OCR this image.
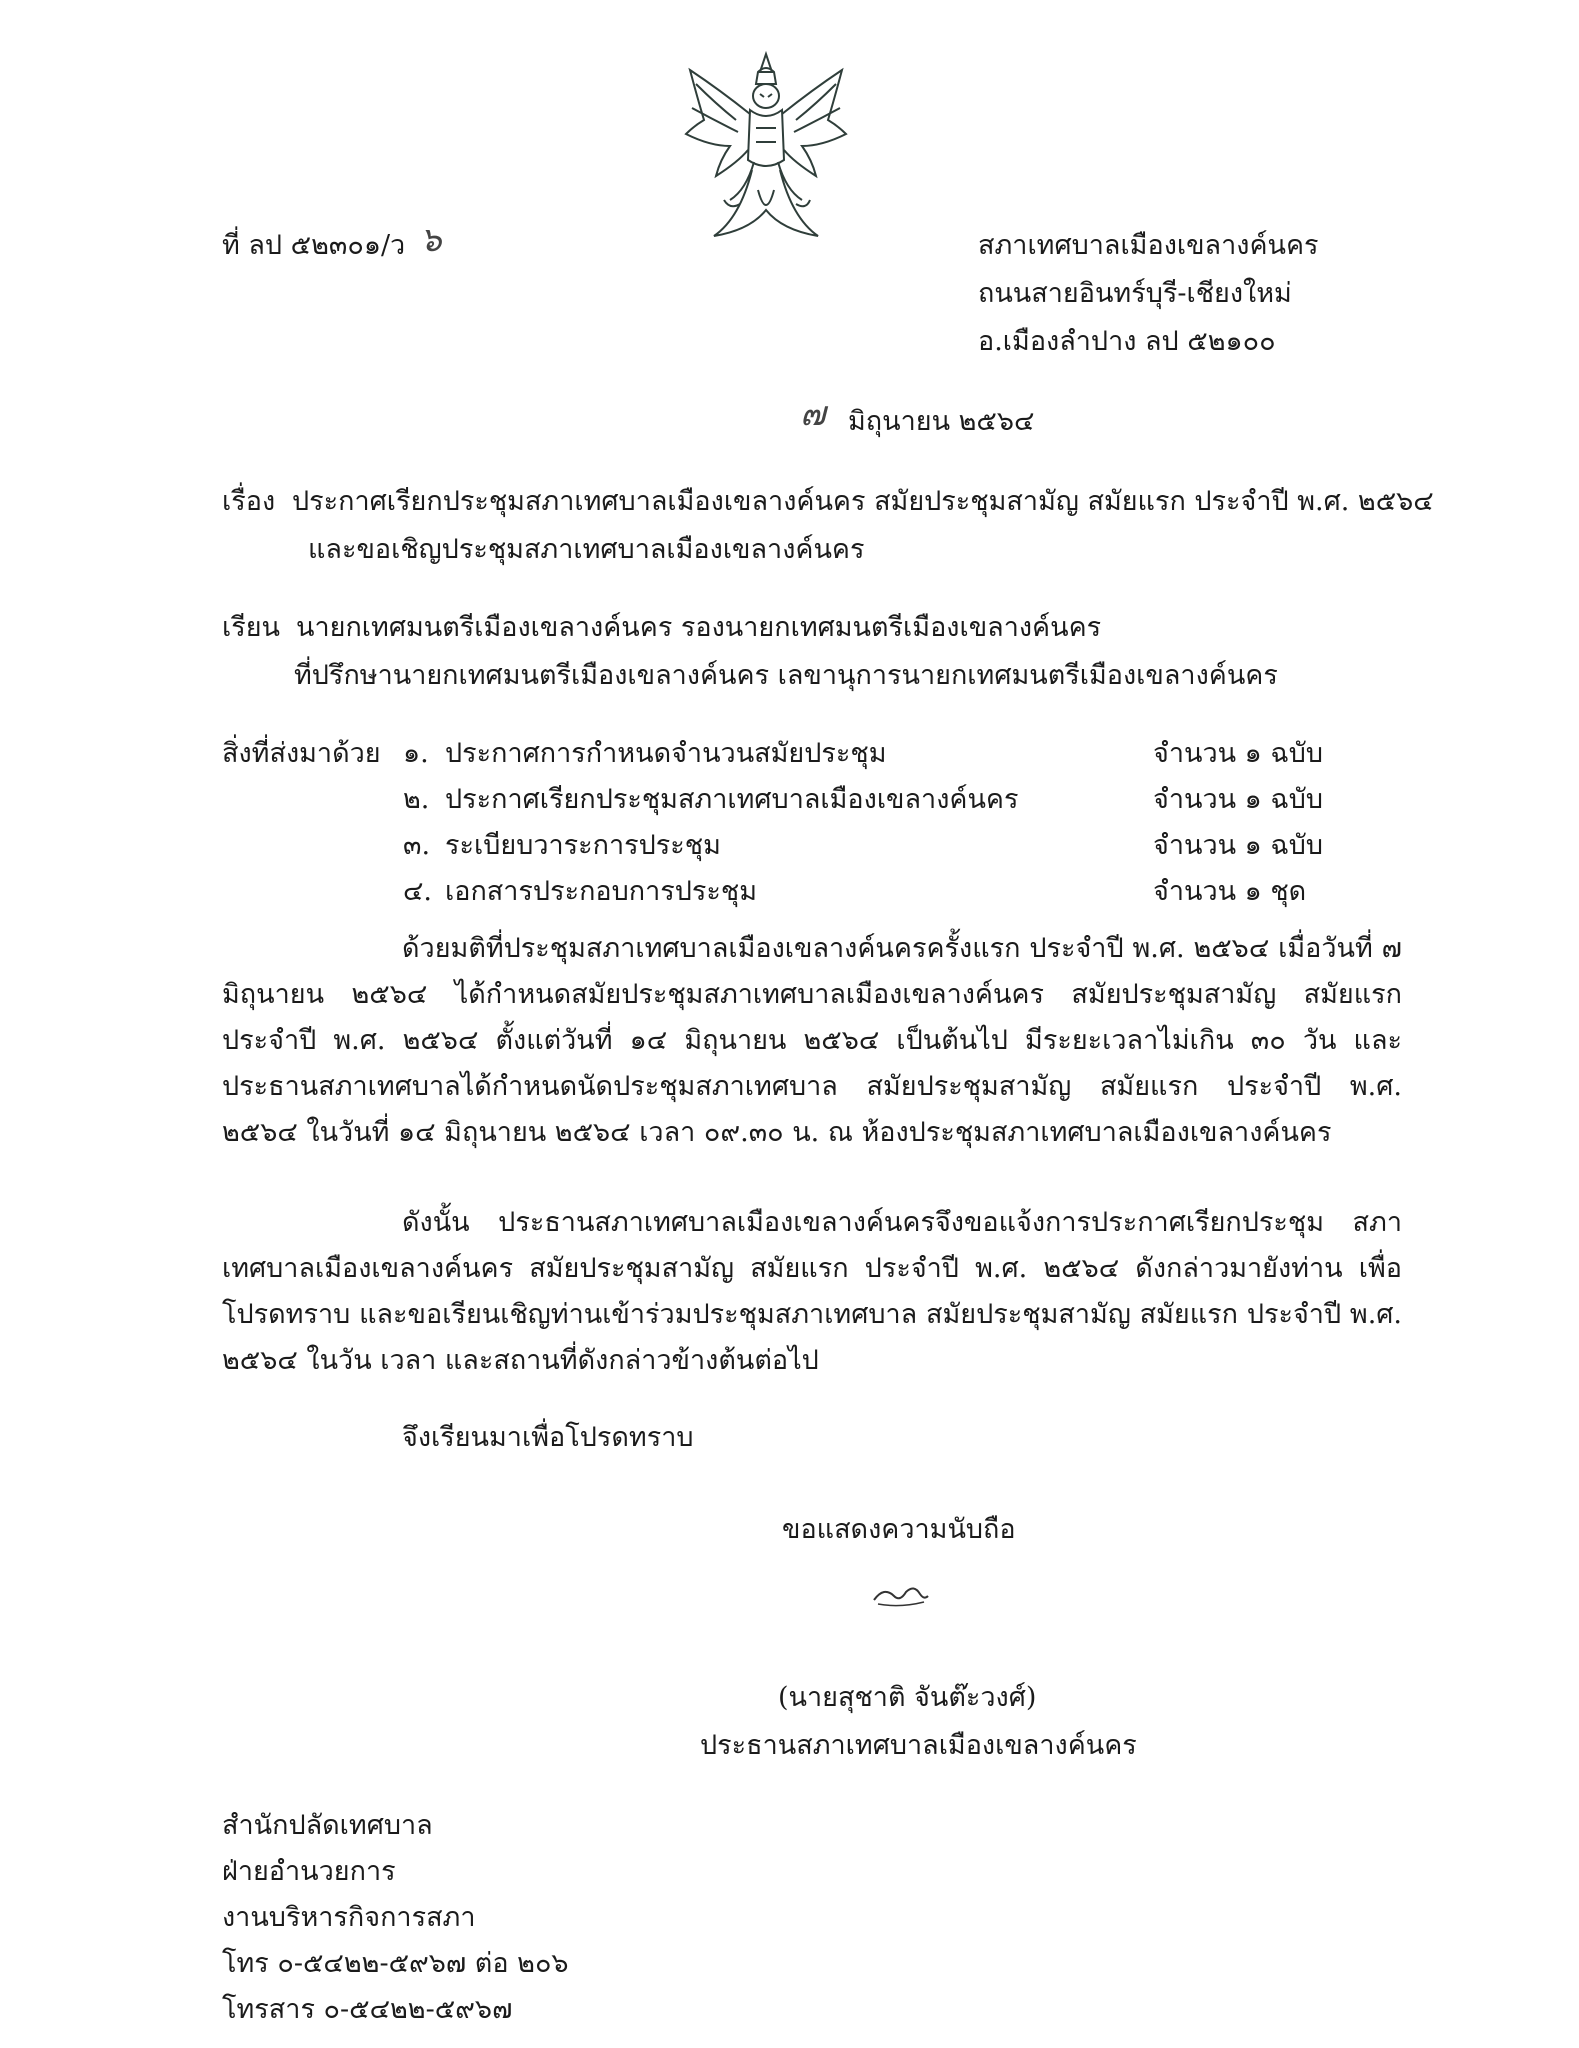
ที่ ลป ๕๒๓๐๑/ว ๖	สภาเทศบาลเมืองเขลางค์นคร
ถนนสายอินทร์บุรี-เชียงใหม่
อ.เมืองลำปาง ลป ๕๒๑๐๐
๗ มิถุนายน ๒๕๖๔
เรื่อง ประกาศเรียกประชุมสภาเทศบาลเมืองเขลางค์นคร สมัยประชุมสามัญ สมัยแรก ประจำปี พ.ศ. ๒๕๖๔
และขอเชิญประชุมสภาเทศบาลเมืองเขลางค์นคร
เรียน นายกเทศมนตรีเมืองเขลางค์นคร รองนายกเทศมนตรีเมืองเขลางค์นคร
ที่ปรึกษานายกเทศมนตรีเมืองเขลางค์นคร เลขานุการนายกเทศมนตรีเมืองเขลางค์นคร
สิ่งที่ส่งมาด้วย ๑. ประกาศการกำหนดจำนวนสมัยประชุม	จำนวน ๑ ฉบับ
๒. ประกาศเรียกประชุมสภาเทศบาลเมืองเขลางค์นคร	จำนวน ๑ ฉบับ
๓. ระเบียบวาระการประชุม	จำนวน ๑ ฉบับ
๔. เอกสารประกอบการประชุม	จำนวน ๑ ชุด
ด้วยมติที่ประชุมสภาเทศบาลเมืองเขลางค์นครครั้งแรก ประจำปี พ.ศ. ๒๕๖๔ เมื่อวันที่ ๗ มิถุนายน ๒๕๖๔ ได้กำหนดสมัยประชุมสภาเทศบาลเมืองเขลางค์นคร สมัยประชุมสามัญ สมัยแรก ประจำปี พ.ศ. ๒๕๖๔ ตั้งแต่วันที่ ๑๔ มิถุนายน ๒๕๖๔ เป็นต้นไป มีระยะเวลาไม่เกิน ๓๐ วัน และประธานสภาเทศบาลได้กำหนดนัดประชุมสภาเทศบาล สมัยประชุมสามัญ สมัยแรก ประจำปี พ.ศ. ๒๕๖๔ ในวันที่ ๑๔ มิถุนายน ๒๕๖๔ เวลา ๐๙.๓๐ น. ณ ห้องประชุมสภาเทศบาลเมืองเขลางค์นคร
ดังนั้น ประธานสภาเทศบาลเมืองเขลางค์นครจึงขอแจ้งการประกาศเรียกประชุม สภาเทศบาลเมืองเขลางค์นคร สมัยประชุมสามัญ สมัยแรก ประจำปี พ.ศ. ๒๕๖๔ ดังกล่าวมายังท่าน เพื่อโปรดทราบ และขอเรียนเชิญท่านเข้าร่วมประชุมสภาเทศบาล สมัยประชุมสามัญ สมัยแรก ประจำปี พ.ศ. ๒๕๖๔ ในวัน เวลา และสถานที่ดังกล่าวข้างต้นต่อไป
จึงเรียนมาเพื่อโปรดทราบ
ขอแสดงความนับถือ
(นายสุชาติ จันต๊ะวงศ์)
ประธานสภาเทศบาลเมืองเขลางค์นคร
สำนักปลัดเทศบาล
ฝ่ายอำนวยการ
งานบริหารกิจการสภา
โทร ๐-๕๔๒๒-๕๙๖๗ ต่อ ๒๐๖
โทรสาร ๐-๕๔๒๒-๕๙๖๗
